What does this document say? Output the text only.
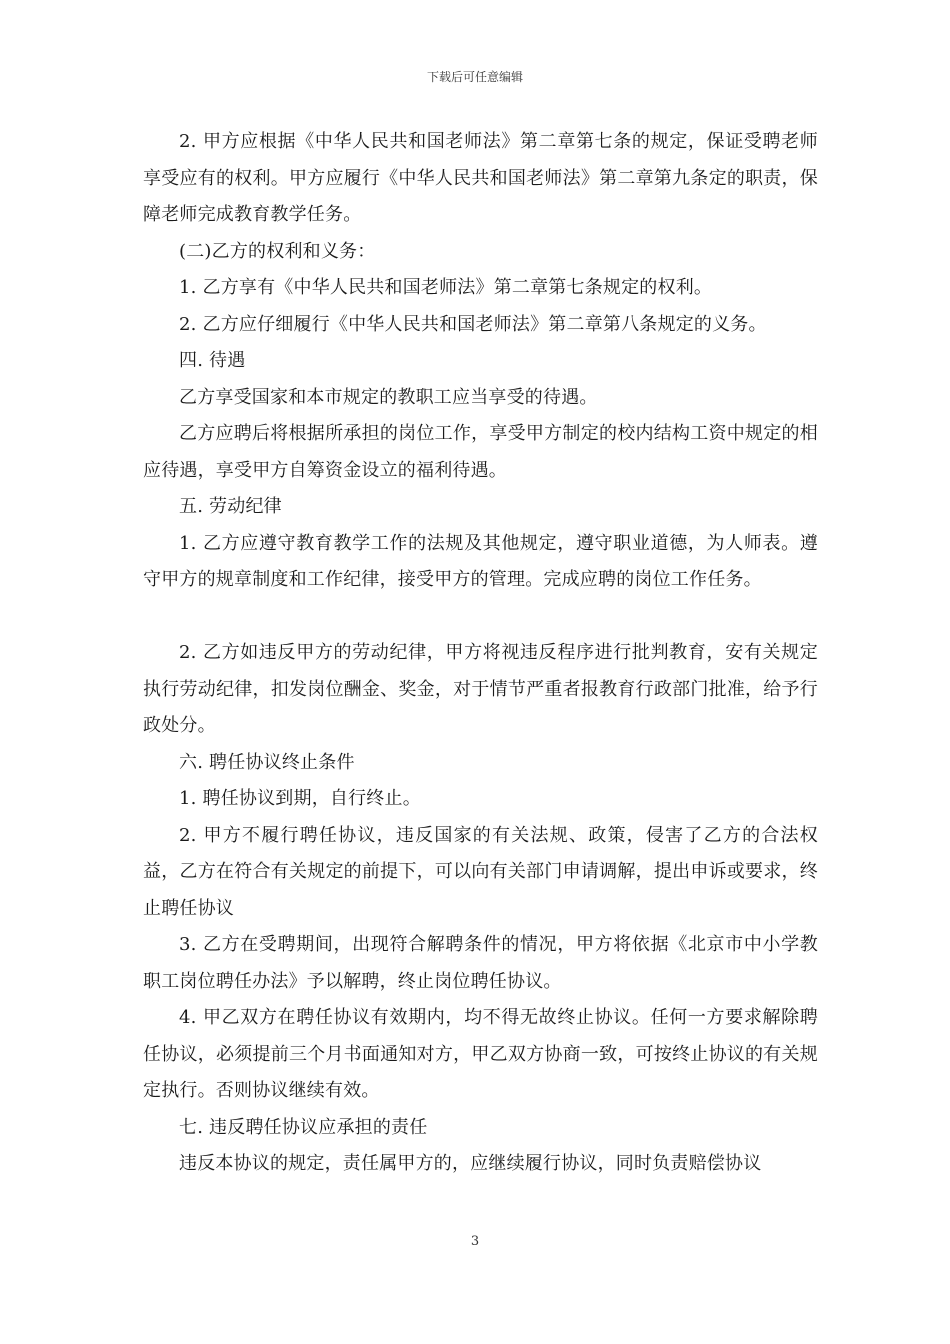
下载后可任意编辑

2. 甲方应根据《中华人民共和国老师法》第二章第七条的规定，保证受聘老师享受应有的权利。甲方应履行《中华人民共和国老师法》第二章第九条定的职责，保障老师完成教育教学任务。

(二)乙方的权利和义务：

1. 乙方享有《中华人民共和国老师法》第二章第七条规定的权利。

2. 乙方应仔细履行《中华人民共和国老师法》第二章第八条规定的义务。

四. 待遇

乙方享受国家和本市规定的教职工应当享受的待遇。

乙方应聘后将根据所承担的岗位工作，享受甲方制定的校内结构工资中规定的相应待遇，享受甲方自筹资金设立的福利待遇。

五. 劳动纪律

1. 乙方应遵守教育教学工作的法规及其他规定，遵守职业道德，为人师表。遵守甲方的规章制度和工作纪律，接受甲方的管理。完成应聘的岗位工作任务。

2. 乙方如违反甲方的劳动纪律，甲方将视违反程序进行批判教育，安有关规定执行劳动纪律，扣发岗位酬金、奖金，对于情节严重者报教育行政部门批准，给予行政处分。

六. 聘任协议终止条件

1. 聘任协议到期，自行终止。

2. 甲方不履行聘任协议，违反国家的有关法规、政策，侵害了乙方的合法权益，乙方在符合有关规定的前提下，可以向有关部门申请调解，提出申诉或要求，终止聘任协议

3. 乙方在受聘期间，出现符合解聘条件的情况，甲方将依据《北京市中小学教职工岗位聘任办法》予以解聘，终止岗位聘任协议。

4. 甲乙双方在聘任协议有效期内，均不得无故终止协议。任何一方要求解除聘任协议，必须提前三个月书面通知对方，甲乙双方协商一致，可按终止协议的有关规定执行。否则协议继续有效。

七. 违反聘任协议应承担的责任

违反本协议的规定，责任属甲方的，应继续履行协议，同时负责赔偿协议

3
